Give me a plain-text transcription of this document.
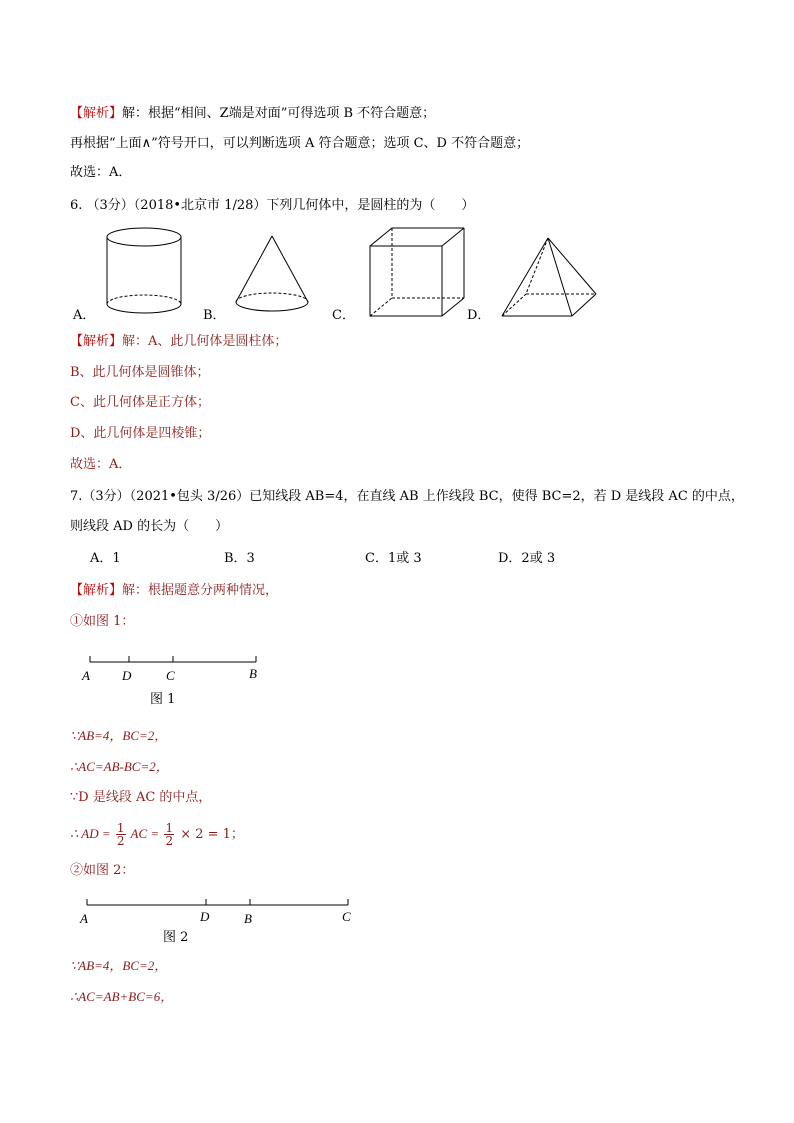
【解析】解：根据“相间、Z端是对面”可得选项 B 不符合题意；
再根据“上面∧”符号开口，可以判断选项 A 符合题意；选项 C、D 不符合题意；
故选：A．
6. （3分）（2018•北京市 1/28）下列几何体中，是圆柱的为（　　）
A．	B．	C．	D．
【解析】解：A、此几何体是圆柱体；
B、此几何体是圆锥体；
C、此几何体是正方体；
D、此几何体是四棱锥；
故选：A．
7.（3分）（2021•包头 3/26）已知线段 AB=4，在直线 AB 上作线段 BC，使得 BC=2，若 D 是线段 AC 的中点，
则线段 AD 的长为（　　）
A．1	B．3	C．1或 3	D．2或 3
【解析】解：根据题意分两种情况，
①如图 1：
A D	C	B
图 1
∵AB=4，BC=2，
∴AC=AB-BC=2，
∵D 是线段 AC 的中点，
∴ AD = $\frac{1}{2}$ AC = $\frac{1}{2} \times 2 = 1$；
②如图 2：
A	D	B	C
图 2
∵AB=4，BC=2，
∴AC=AB+BC=6，
